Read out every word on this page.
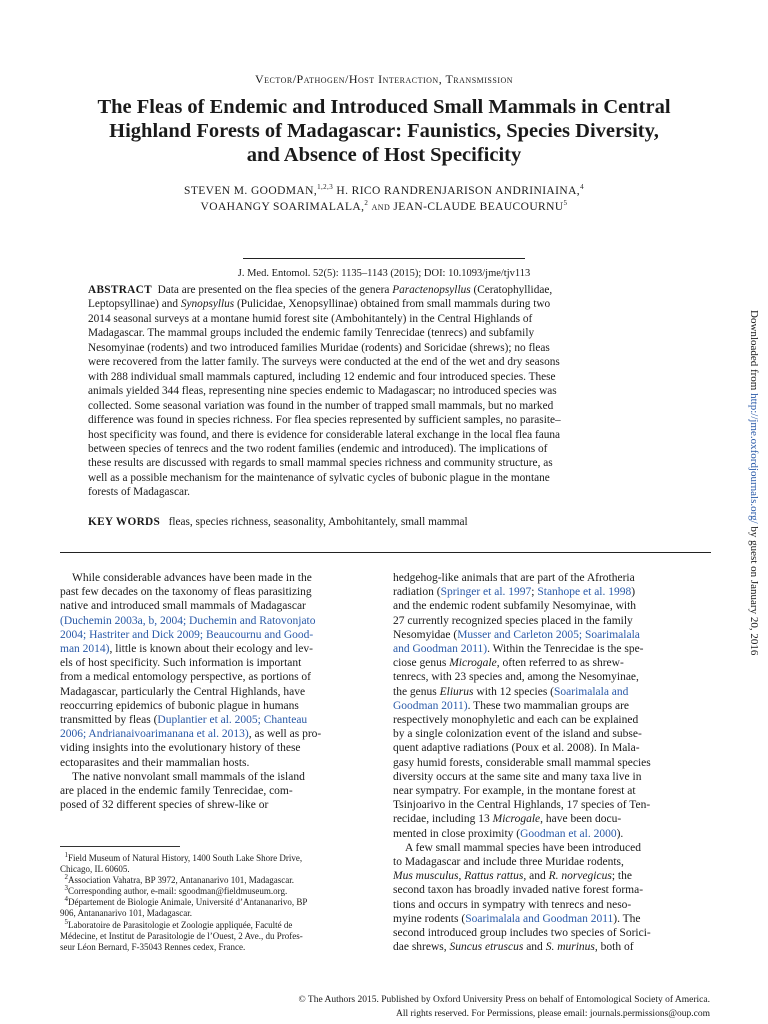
Vector/Pathogen/Host Interaction, Transmission
The Fleas of Endemic and Introduced Small Mammals in Central
Highland Forests of Madagascar: Faunistics, Species Diversity,
and Absence of Host Specificity
STEVEN M. GOODMAN,$^{1,2,3}$ H. RICO RANDRENJARISON ANDRINIAINA,$^4$
VOAHANGY SOARIMALALA,$^2$ and JEAN-CLAUDE BEAUCOURNU$^5$
J. Med. Entomol. 52(5): 1135–1143 (2015); DOI: 10.1093/jme/tjv113
ABSTRACT Data are presented on the flea species of the genera Paractenopsyllus (Ceratophyllidae,
Leptopsyllinae) and Synopsyllus (Pulicidae, Xenopsyllinae) obtained from small mammals during two
2014 seasonal surveys at a montane humid forest site (Ambohitantely) in the Central Highlands of
Madagascar. The mammal groups included the endemic family Tenrecidae (tenrecs) and subfamily
Nesomyinae (rodents) and two introduced families Muridae (rodents) and Soricidae (shrews); no fleas
were recovered from the latter family. The surveys were conducted at the end of the wet and dry seasons
with 288 individual small mammals captured, including 12 endemic and four introduced species. These
animals yielded 344 fleas, representing nine species endemic to Madagascar; no introduced species was
collected. Some seasonal variation was found in the number of trapped small mammals, but no marked
difference was found in species richness. For flea species represented by sufficient samples, no parasite–
host specificity was found, and there is evidence for considerable lateral exchange in the local flea fauna
between species of tenrecs and the two rodent families (endemic and introduced). The implications of
these results are discussed with regards to small mammal species richness and community structure, as
well as a possible mechanism for the maintenance of sylvatic cycles of bubonic plague in the montane
forests of Madagascar.
KEY WORDS fleas, species richness, seasonality, Ambohitantely, small mammal
While considerable advances have been made in the
past few decades on the taxonomy of fleas parasitizing
native and introduced small mammals of Madagascar
(Duchemin 2003a, b, 2004; Duchemin and Ratovonjato
2004; Hastriter and Dick 2009; Beaucournu and Good-
man 2014), little is known about their ecology and lev-
els of host specificity. Such information is important
from a medical entomology perspective, as portions of
Madagascar, particularly the Central Highlands, have
reoccurring epidemics of bubonic plague in humans
transmitted by fleas (Duplantier et al. 2005; Chanteau
2006; Andrianaivoarimanana et al. 2013), as well as pro-
viding insights into the evolutionary history of these
ectoparasites and their mammalian hosts.
The native nonvolant small mammals of the island
are placed in the endemic family Tenrecidae, com-
posed of 32 different species of shrew-like or
$^1$Field Museum of Natural History, 1400 South Lake Shore Drive,
Chicago, IL 60605.
$^2$Association Vahatra, BP 3972, Antananarivo 101, Madagascar.
$^3$Corresponding author, e-mail: sgoodman@fieldmuseum.org.
$^4$Département de Biologie Animale, Université d’Antananarivo, BP
906, Antananarivo 101, Madagascar.
$^5$Laboratoire de Parasitologie et Zoologie appliquée, Faculté de
Médecine, et Institut de Parasitologie de l’Ouest, 2 Ave., du Profes-
seur Léon Bernard, F-35043 Rennes cedex, France.
hedgehog-like animals that are part of the Afrotheria
radiation (Springer et al. 1997; Stanhope et al. 1998)
and the endemic rodent subfamily Nesomyinae, with
27 currently recognized species placed in the family
Nesomyidae (Musser and Carleton 2005; Soarimalala
and Goodman 2011). Within the Tenrecidae is the spe-
ciose genus Microgale, often referred to as shrew-
tenrecs, with 23 species and, among the Nesomyinae,
the genus Eliurus with 12 species (Soarimalala and
Goodman 2011). These two mammalian groups are
respectively monophyletic and each can be explained
by a single colonization event of the island and subse-
quent adaptive radiations (Poux et al. 2008). In Mala-
gasy humid forests, considerable small mammal species
diversity occurs at the same site and many taxa live in
near sympatry. For example, in the montane forest at
Tsinjoarivo in the Central Highlands, 17 species of Ten-
recidae, including 13 Microgale, have been docu-
mented in close proximity (Goodman et al. 2000).
A few small mammal species have been introduced
to Madagascar and include three Muridae rodents,
Mus musculus, Rattus rattus, and R. norvegicus; the
second taxon has broadly invaded native forest forma-
tions and occurs in sympatry with tenrecs and neso-
myine rodents (Soarimalala and Goodman 2011). The
second introduced group includes two species of Sorici-
dae shrews, Suncus etruscus and S. murinus, both of
© The Authors 2015. Published by Oxford University Press on behalf of Entomological Society of America.
All rights reserved. For Permissions, please email: journals.permissions@oup.com
Downloaded from http://jme.oxfordjournals.org/ by guest on January 20, 2016
